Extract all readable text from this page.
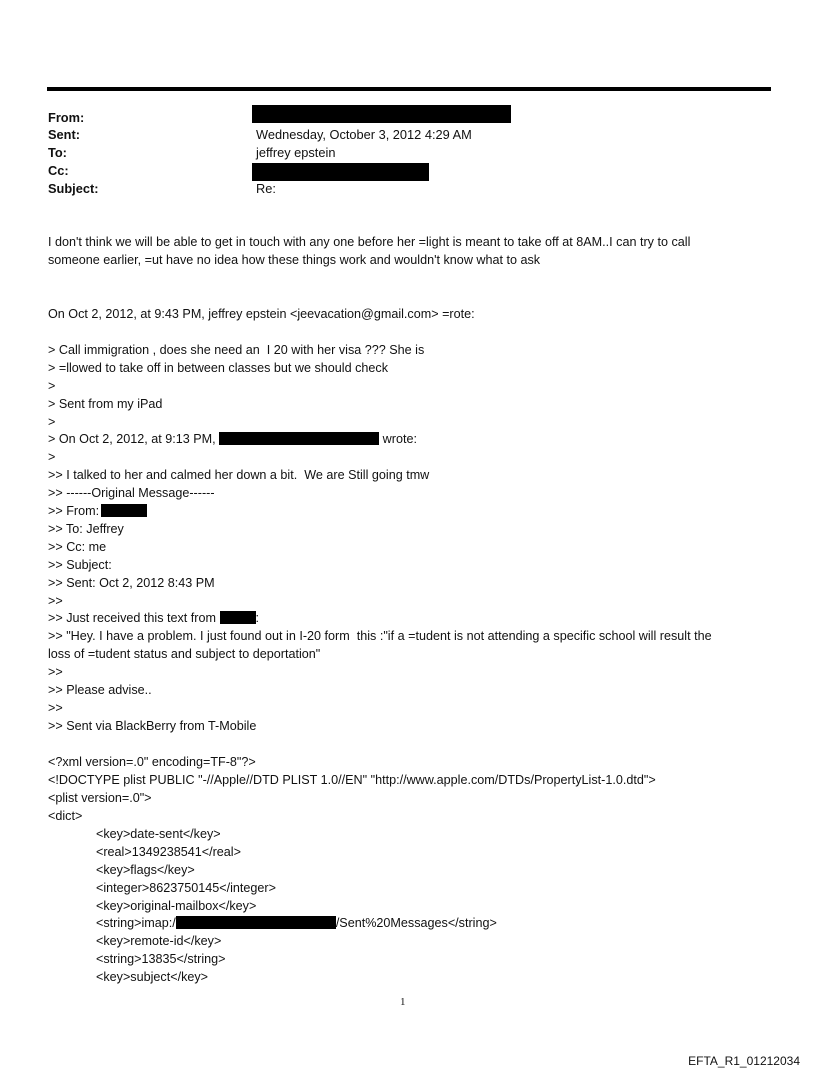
From:
Sent:	Wednesday, October 3, 2012 4:29 AM
To:	jeffrey epstein
Cc:
Subject:	Re:
I don't think we will be able to get in touch with any one before her =light is meant to take off at 8AM..I can try to call
someone earlier, =ut have no idea how these things work and wouldn't know what to ask
On Oct 2, 2012, at 9:43 PM, jeffrey epstein <jeevacation@gmail.com> =rote:
> Call immigration , does she need an  I 20 with her visa ??? She is
> =llowed to take off in between classes but we should check
>
> Sent from my iPad
>
> On Oct 2, 2012, at 9:13 PM,	wrote:
>
>> I talked to her and calmed her down a bit.  We are Still going tmw
>> ------Original Message------
>> From:
>> To: Jeffrey
>> Cc: me
>> Subject:
>> Sent: Oct 2, 2012 8:43 PM
>>
>> Just received this text from	:
>> "Hey. I have a problem. I just found out in I-20 form  this :"if a =tudent is not attending a specific school will result the
loss of =tudent status and subject to deportation"
>>
>> Please advise..
>>
>> Sent via BlackBerry from T-Mobile
<?xml version=.0" encoding=TF-8"?>
<!DOCTYPE plist PUBLIC "-//Apple//DTD PLIST 1.0//EN" "http://www.apple.com/DTDs/PropertyList-1.0.dtd">
<plist version=.0">
<dict>
<key>date-sent</key>
<real>1349238541</real>
<key>flags</key>
<integer>8623750145</integer>
<key>original-mailbox</key>
<string>imap:/	/Sent%20Messages</string>
<key>remote-id</key>
<string>13835</string>
<key>subject</key>
1
EFTA_R1_01212034
